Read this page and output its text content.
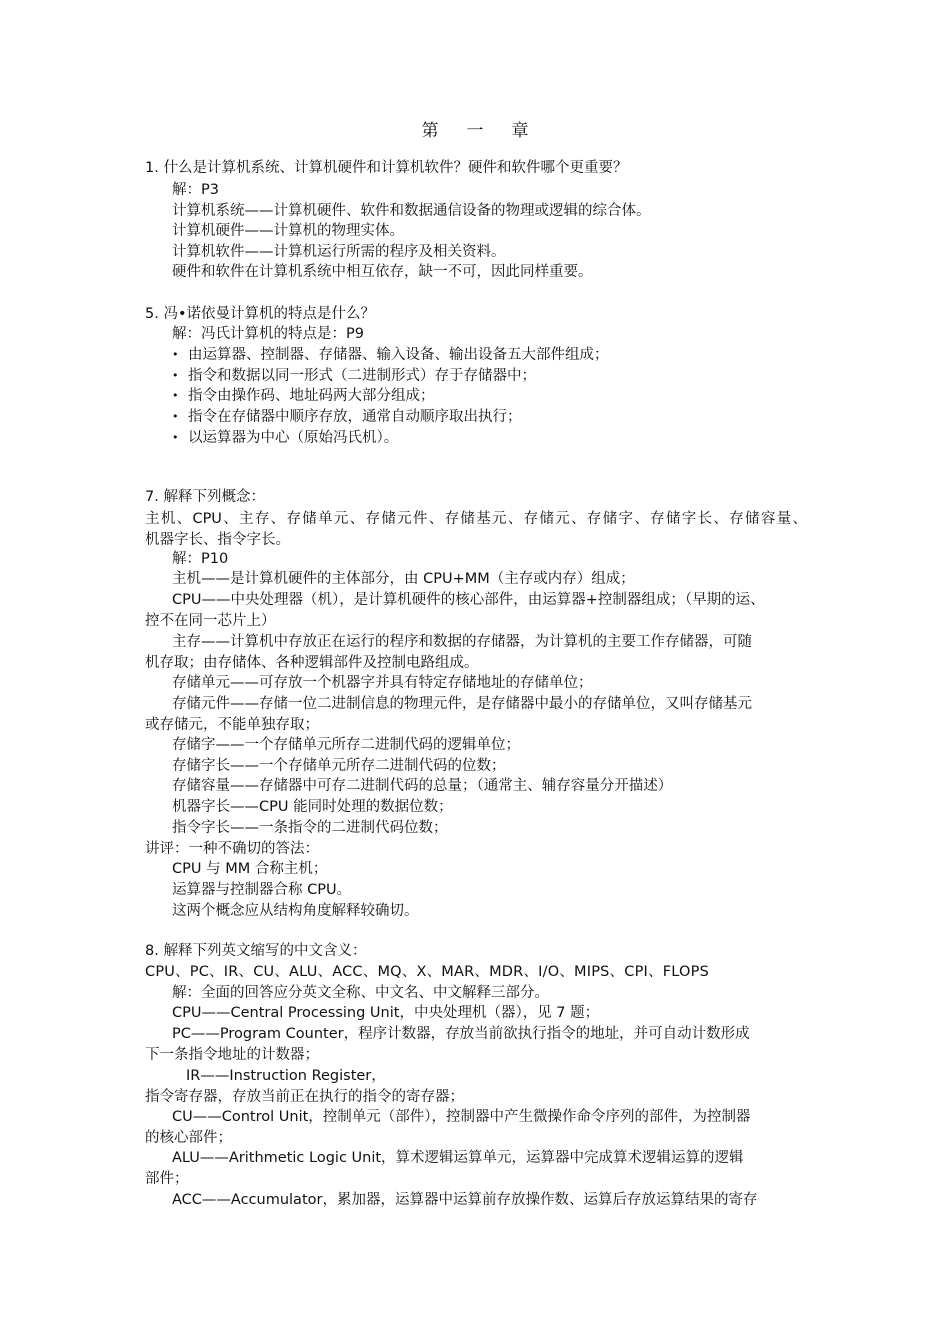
第一章
1. 什么是计算机系统、计算机硬件和计算机软件？硬件和软件哪个更重要？
解：P3
计算机系统——计算机硬件、软件和数据通信设备的物理或逻辑的综合体。
计算机硬件——计算机的物理实体。
计算机软件——计算机运行所需的程序及相关资料。
硬件和软件在计算机系统中相互依存，缺一不可，因此同样重要。
5. 冯•诺依曼计算机的特点是什么？
解：冯氏计算机的特点是：P9
• 由运算器、控制器、存储器、输入设备、输出设备五大部件组成；
• 指令和数据以同一形式（二进制形式）存于存储器中；
• 指令由操作码、地址码两大部分组成；
• 指令在存储器中顺序存放，通常自动顺序取出执行；
• 以运算器为中心（原始冯氏机）。
7. 解释下列概念：
主机、CPU、主存、存储单元、存储元件、存储基元、存储元、存储字、存储字长、存储容量、
机器字长、指令字长。
解：P10
主机——是计算机硬件的主体部分，由 CPU+MM（主存或内存）组成；
CPU——中央处理器（机），是计算机硬件的核心部件，由运算器+控制器组成；（早期的运、
控不在同一芯片上）
主存——计算机中存放正在运行的程序和数据的存储器，为计算机的主要工作存储器，可随
机存取；由存储体、各种逻辑部件及控制电路组成。
存储单元——可存放一个机器字并具有特定存储地址的存储单位；
存储元件——存储一位二进制信息的物理元件，是存储器中最小的存储单位，又叫存储基元
或存储元，不能单独存取；
存储字——一个存储单元所存二进制代码的逻辑单位；
存储字长——一个存储单元所存二进制代码的位数；
存储容量——存储器中可存二进制代码的总量；（通常主、辅存容量分开描述）
机器字长——CPU 能同时处理的数据位数；
指令字长——一条指令的二进制代码位数；
讲评：一种不确切的答法：
CPU 与 MM 合称主机；
运算器与控制器合称 CPU。
这两个概念应从结构角度解释较确切。
8. 解释下列英文缩写的中文含义：
CPU、PC、IR、CU、ALU、ACC、MQ、X、MAR、MDR、I/O、MIPS、CPI、FLOPS
解：全面的回答应分英文全称、中文名、中文解释三部分。
CPU——Central Processing Unit，中央处理机（器），见 7 题；
PC——Program Counter，程序计数器，存放当前欲执行指令的地址，并可自动计数形成
下一条指令地址的计数器；
IR——Instruction Register，
指令寄存器，存放当前正在执行的指令的寄存器；
CU——Control Unit，控制单元（部件），控制器中产生微操作命令序列的部件，为控制器
的核心部件；
ALU——Arithmetic Logic Unit，算术逻辑运算单元，运算器中完成算术逻辑运算的逻辑
部件；
ACC——Accumulator，累加器，运算器中运算前存放操作数、运算后存放运算结果的寄存
